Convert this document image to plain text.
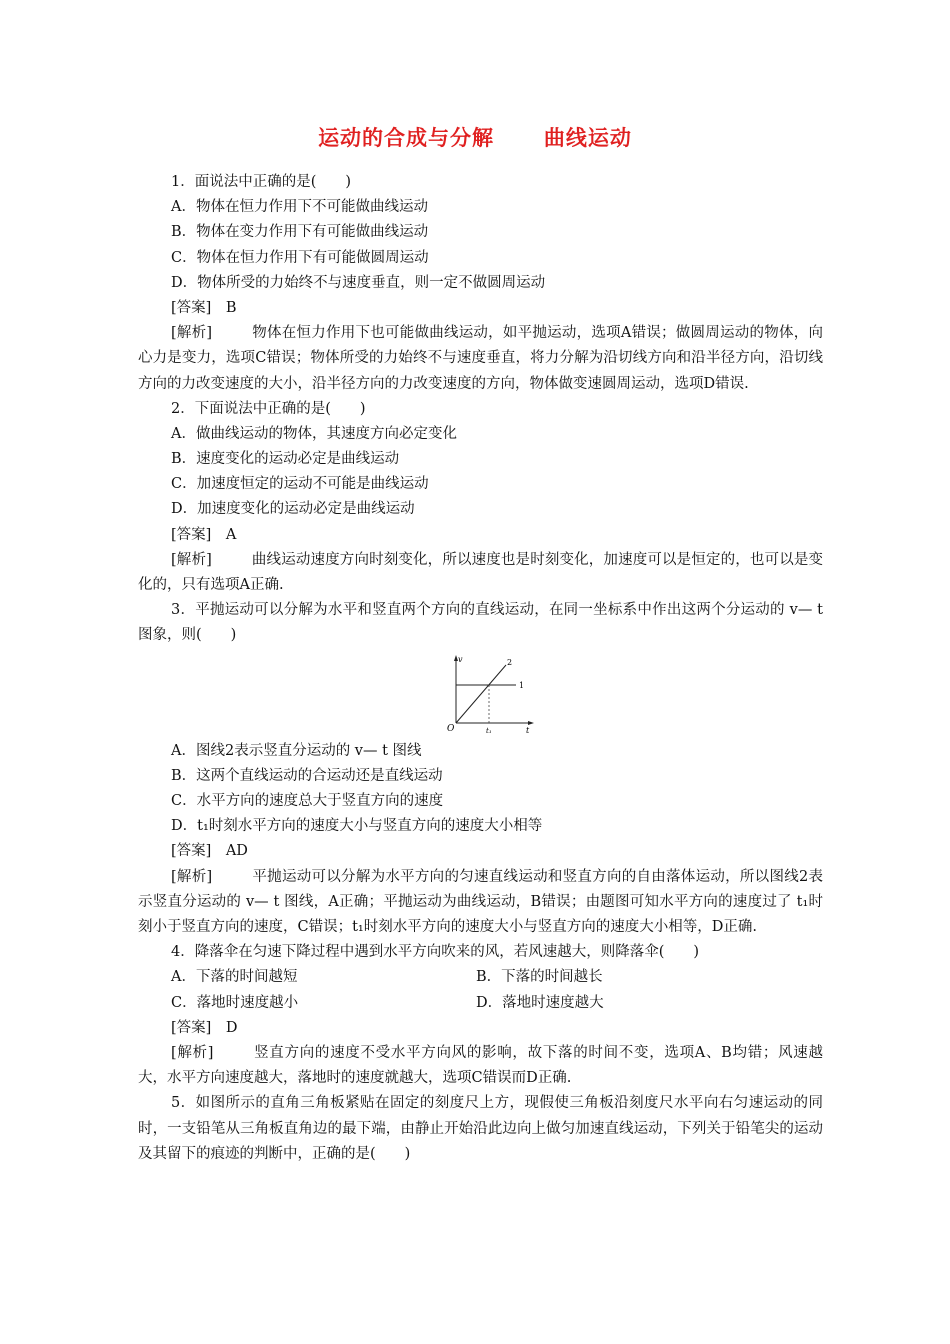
运动的合成与分解      曲线运动
1．面说法中正确的是(　　)
A．物体在恒力作用下不可能做曲线运动
B．物体在变力作用下有可能做曲线运动
C．物体在恒力作用下有可能做圆周运动
D．物体所受的力始终不与速度垂直，则一定不做圆周运动
[答案]　B
[解析]	物体在恒力作用下也可能做曲线运动，如平抛运动，选项A错误；做圆周运动的物体，向心力是变力，选项C错误；物体所受的力始终不与速度垂直，将力分解为沿切线方向和沿半径方向，沿切线方向的力改变速度的大小，沿半径方向的力改变速度的方向，物体做变速圆周运动，选项D错误.
2．下面说法中正确的是(　　)
A．做曲线运动的物体，其速度方向必定变化
B．速度变化的运动必定是曲线运动
C．加速度恒定的运动不可能是曲线运动
D．加速度变化的运动必定是曲线运动
[答案]　A
[解析]	曲线运动速度方向时刻变化，所以速度也是时刻变化，加速度可以是恒定的，也可以是变化的，只有选项A正确.
3．平抛运动可以分解为水平和竖直两个方向的直线运动，在同一坐标系中作出这两个分运动的 v— t 图象，则(　　)
v
t
O	t₁
1
2
A．图线2表示竖直分运动的 v— t 图线
B．这两个直线运动的合运动还是直线运动
C．水平方向的速度总大于竖直方向的速度
D．t₁时刻水平方向的速度大小与竖直方向的速度大小相等
[答案]　AD
[解析]	平抛运动可以分解为水平方向的匀速直线运动和竖直方向的自由落体运动，所以图线2表示竖直分运动的 v— t 图线，A正确；平抛运动为曲线运动，B错误；由题图可知水平方向的速度过了 t₁时刻小于竖直方向的速度，C错误；t₁时刻水平方向的速度大小与竖直方向的速度大小相等，D正确.
4．降落伞在匀速下降过程中遇到水平方向吹来的风，若风速越大，则降落伞(　　)
A．下落的时间越短	B．下落的时间越长
C．落地时速度越小	D．落地时速度越大
[答案]　D
[解析]	竖直方向的速度不受水平方向风的影响，故下落的时间不变，选项A、B均错；风速越大，水平方向速度越大，落地时的速度就越大，选项C错误而D正确.
5．如图所示的直角三角板紧贴在固定的刻度尺上方，现假使三角板沿刻度尺水平向右匀速运动的同时，一支铅笔从三角板直角边的最下端，由静止开始沿此边向上做匀加速直线运动，下列关于铅笔尖的运动及其留下的痕迹的判断中，正确的是(　　)
